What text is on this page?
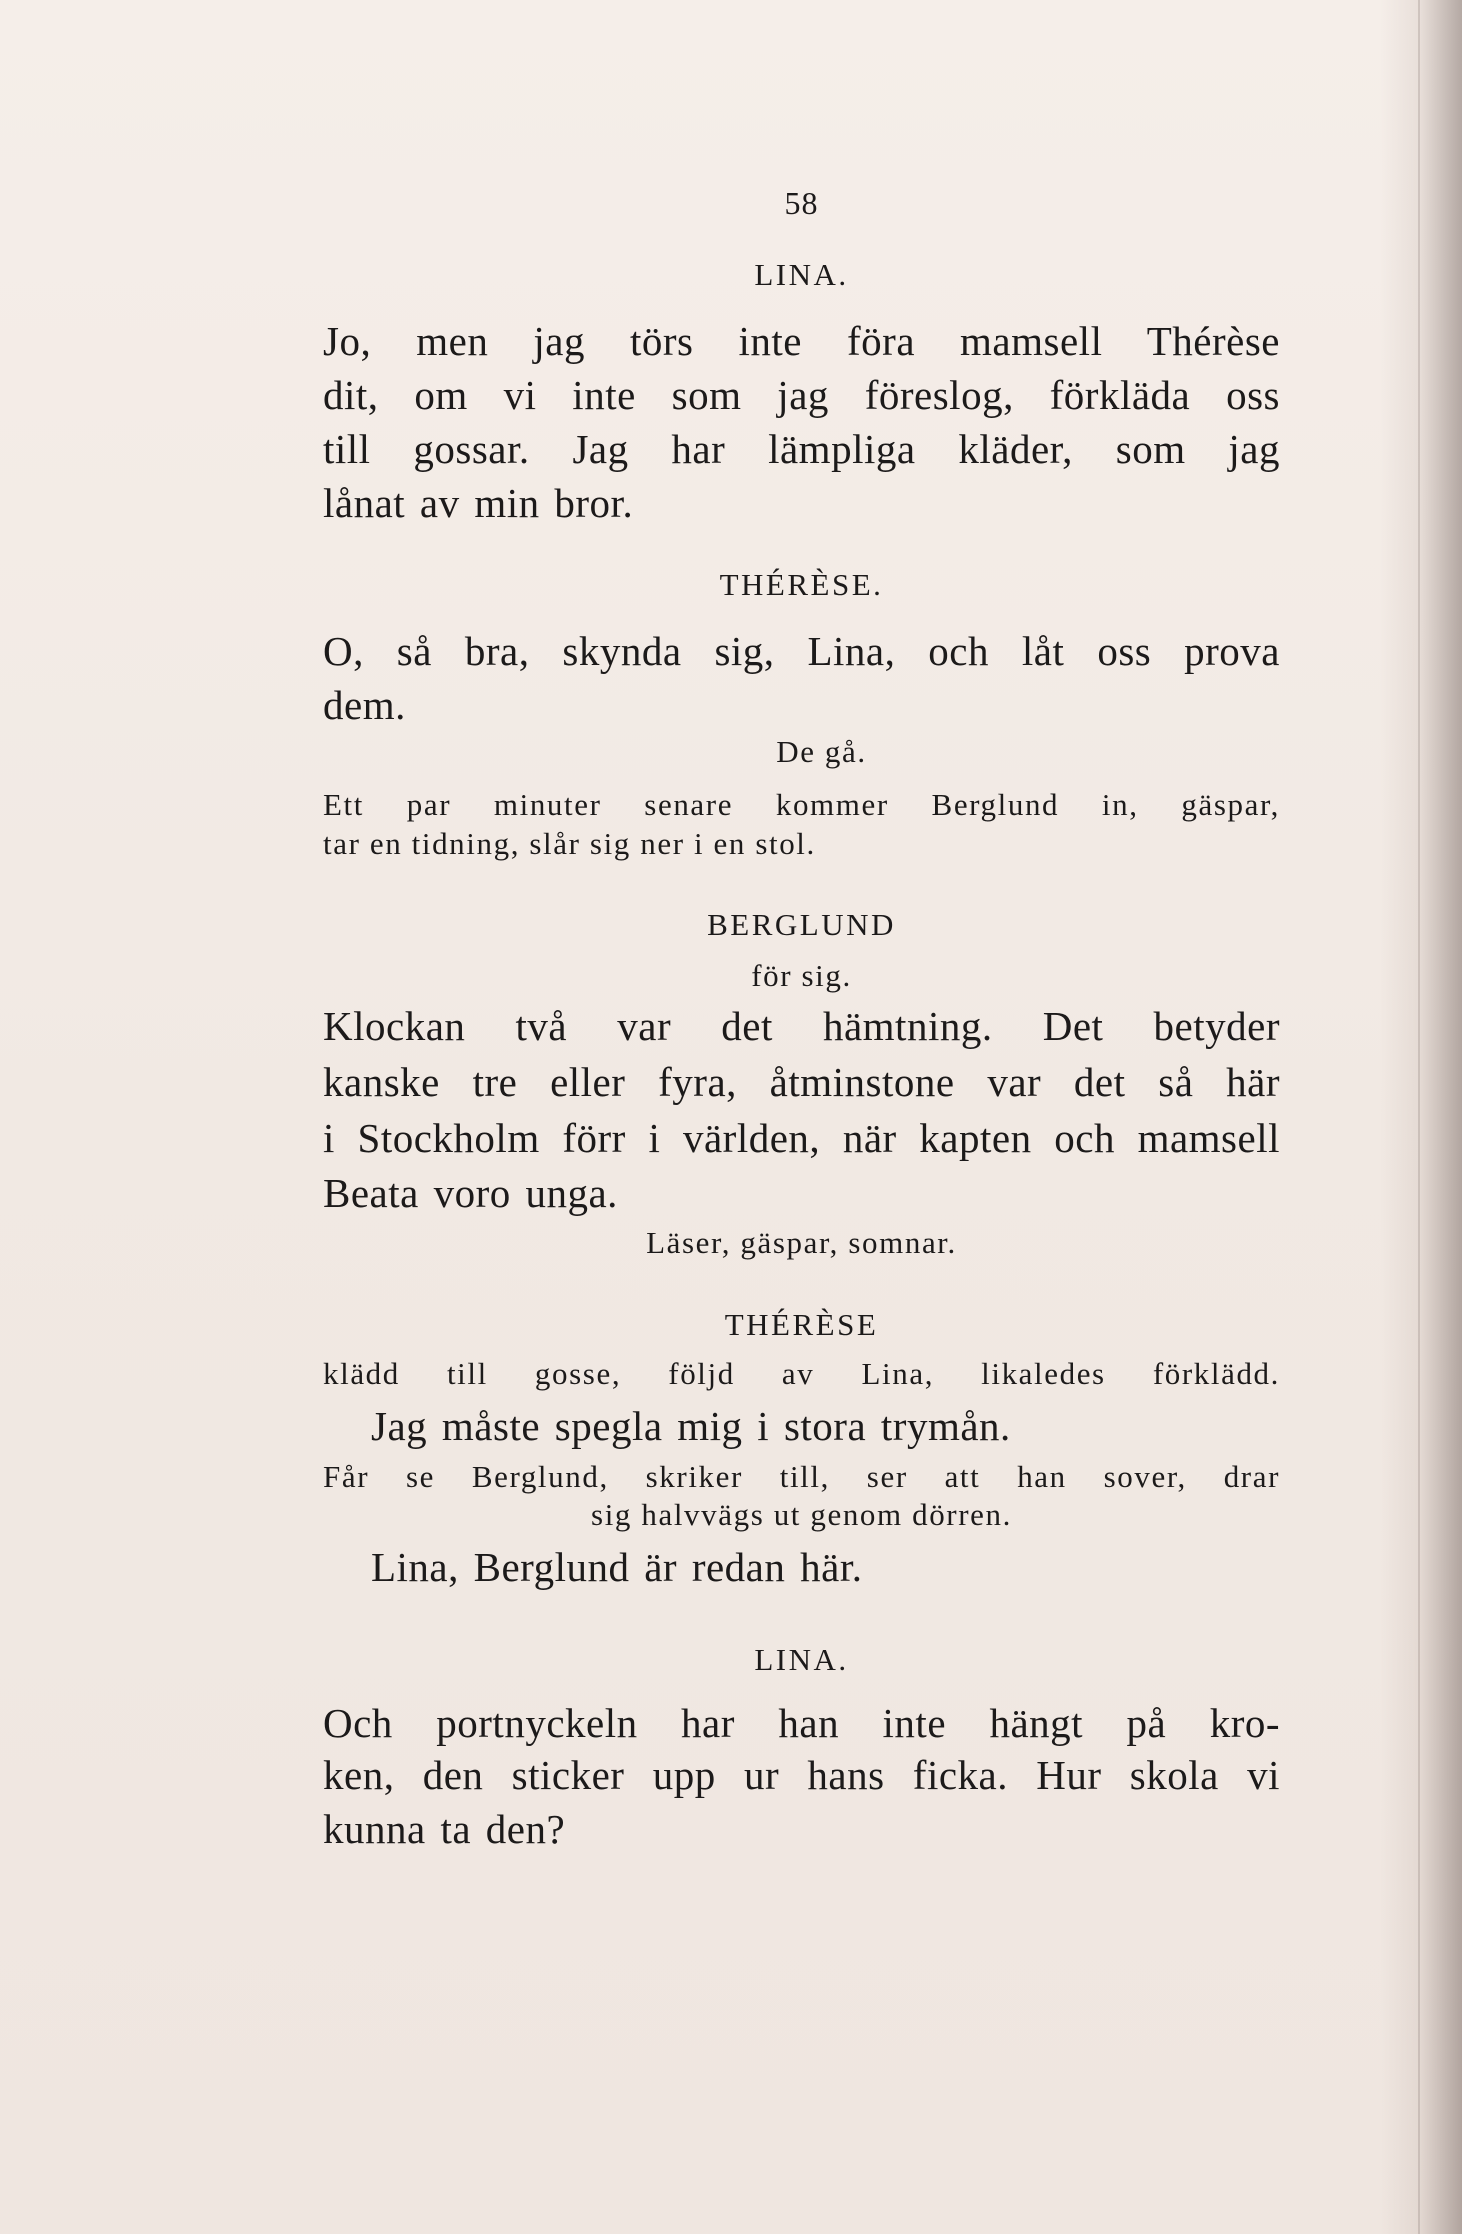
58
LINA.
Jo, men jag törs inte föra mamsell Thérèse
dit, om vi inte som jag föreslog, förkläda oss
till gossar. Jag har lämpliga kläder, som jag
lånat av min bror.
THÉRÈSE.
O, så bra, skynda sig, Lina, och låt oss prova
dem.
De gå.
Ett par minuter senare kommer Berglund in, gäspar,
tar en tidning, slår sig ner i en stol.
BERGLUND
för sig.
Klockan två var det hämtning. Det betyder
kanske tre eller fyra, åtminstone var det så här
i Stockholm förr i världen, när kapten och mamsell
Beata voro unga.
Läser, gäspar, somnar.
THÉRÈSE
klädd till gosse, följd av Lina, likaledes förklädd.
Jag måste spegla mig i stora trymån.
Får se Berglund, skriker till, ser att han sover, drar
sig halvvägs ut genom dörren.
Lina, Berglund är redan här.
LINA.
Och portnyckeln har han inte hängt på kro-
ken, den sticker upp ur hans ficka. Hur skola vi
kunna ta den?
